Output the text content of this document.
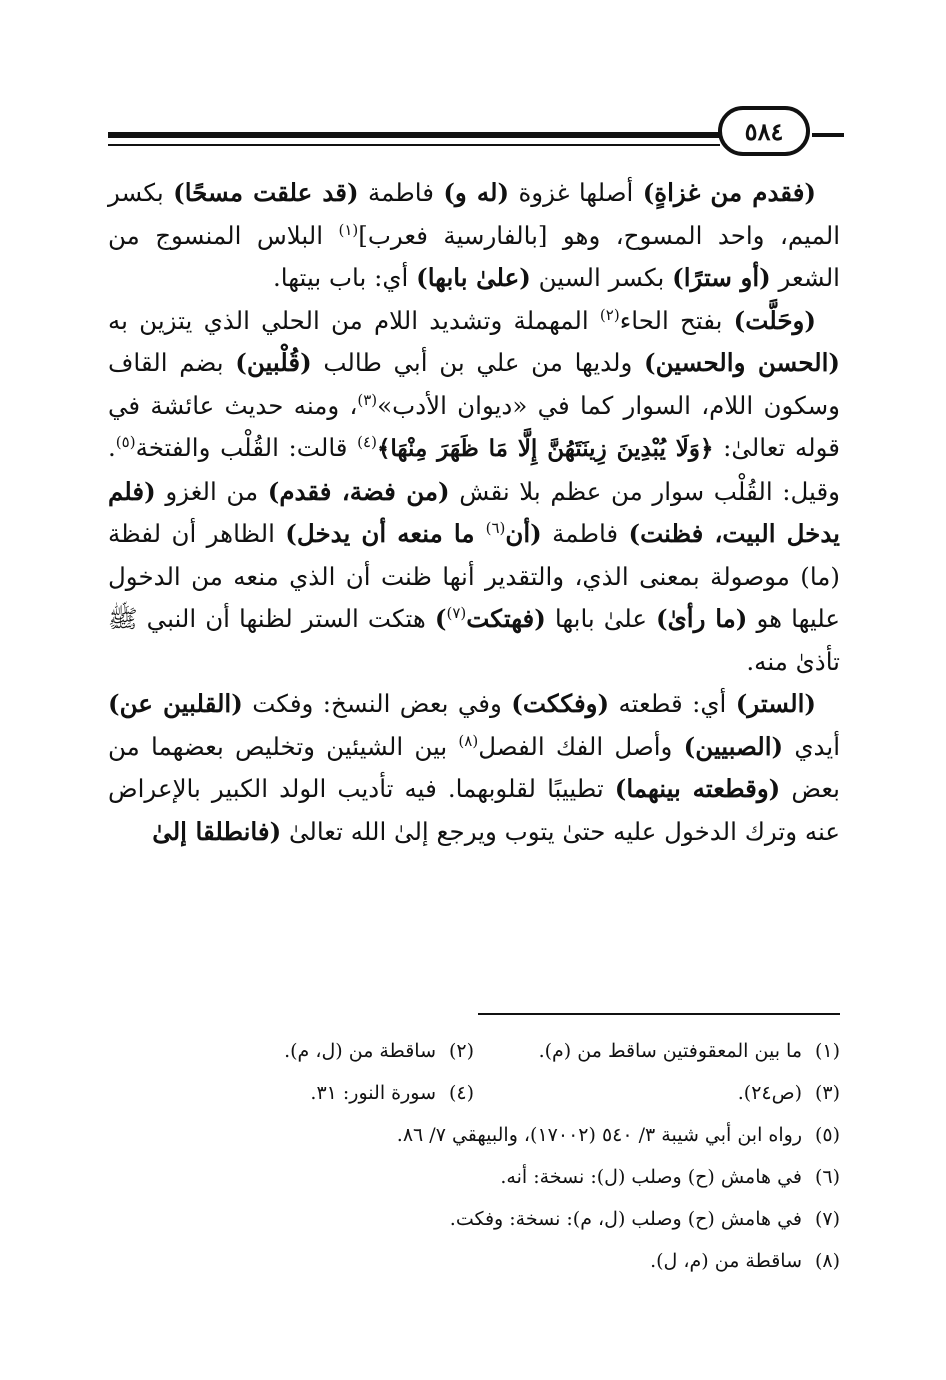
٥٨٤

(فقدم من غزاةٍ) أصلها غزوة (له و) فاطمة (قد علقت مسحًا) بكسر الميم، واحد المسوح، وهو [بالفارسية فعرب]$^{(١)}$ البلاس المنسوج من الشعر (أو سترًا) بكسر السين (علىٰ بابها) أي: باب بيتها.

(وحَلَّت) بفتح الحاء$^{(٢)}$ المهملة وتشديد اللام من الحلي الذي يتزين به (الحسن والحسين) ولديها من علي بن أبي طالب (قُلْبين) بضم القاف وسكون اللام، السوار كما في «ديوان الأدب»$^{(٣)}$، ومنه حديث عائشة في قوله تعالىٰ: ﴿وَلَا يُبْدِينَ زِينَتَهُنَّ إِلَّا مَا ظَهَرَ مِنْهَا﴾$^{(٤)}$ قالت: القُلْب والفتخة$^{(٥)}$. وقيل: القُلْب سوار من عظم بلا نقش (من فضة، فقدم) من الغزو (فلم يدخل البيت، فظنت) فاطمة (أن$^{(٦)}$ ما منعه أن يدخل) الظاهر أن لفظة (ما) موصولة بمعنى الذي، والتقدير أنها ظنت أن الذي منعه من الدخول عليها هو (ما رأىٰ) علىٰ بابها (فهتكت$^{(٧)}$) هتكت الستر لظنها أن النبي ﷺ تأذىٰ منه.

(الستر) أي: قطعته (وفككت) وفي بعض النسخ: وفكت (القلبين عن) أيدي (الصبيين) وأصل الفك الفصل$^{(٨)}$ بين الشيئين وتخليص بعضهما من بعض (وقطعته بينهما) تطييبًا لقلوبهما. فيه تأديب الولد الكبير بالإعراض عنه وترك الدخول عليه حتىٰ يتوب ويرجع إلىٰ الله تعالىٰ (فانطلقا إلىٰ

(١)ما بين المعقوفتين ساقط من (م).
(٢)ساقطة من (ل، م).
(٣)(ص٢٤).
(٤)سورة النور: ٣١.
(٥)رواه ابن أبي شيبة ٣/ ٥٤٠ (١٧٠٠٢)، والبيهقي ٧/ ٨٦.
(٦)في هامش (ح) وصلب (ل): نسخة: أنه.
(٧)في هامش (ح) وصلب (ل، م): نسخة: وفكت.
(٨)ساقطة من (م، ل).
